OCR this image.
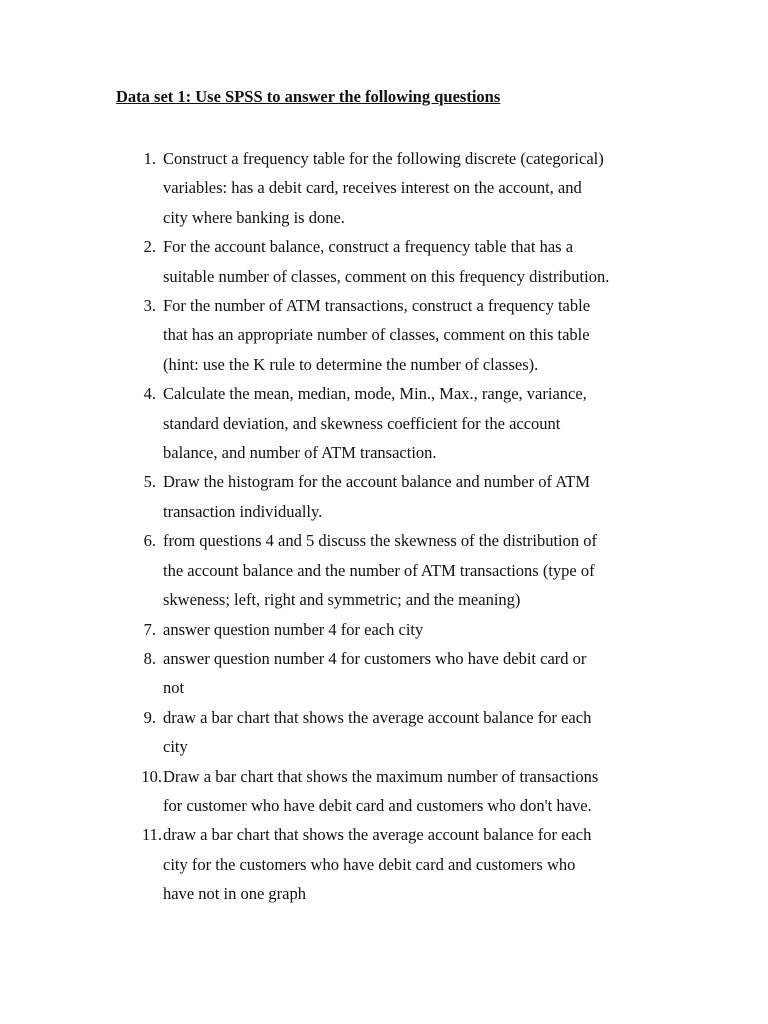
Data set 1: Use SPSS to answer the following questions
1. Construct a frequency table for the following discrete (categorical)
variables: has a debit card, receives interest on the account, and
city where banking is done.
2. For the account balance, construct a frequency table that has a
suitable number of classes, comment on this frequency distribution.
3. For the number of ATM transactions, construct a frequency table
that has an appropriate number of classes, comment on this table
(hint: use the K rule to determine the number of classes).
4. Calculate the mean, median, mode, Min., Max., range, variance,
standard deviation, and skewness coefficient for the account
balance, and number of ATM transaction.
5. Draw the histogram for the account balance and number of ATM
transaction individually.
6. from questions 4 and 5 discuss the skewness of the distribution of
the account balance and the number of ATM transactions (type of
skweness; left, right and symmetric; and the meaning)
7. answer question number 4 for each city
8. answer question number 4 for customers who have debit card or
not
9. draw a bar chart that shows the average account balance for each
city
10. Draw a bar chart that shows the maximum number of transactions
for customer who have debit card and customers who don't have.
11. draw a bar chart that shows the average account balance for each
city for the customers who have debit card and customers who
have not in one graph
